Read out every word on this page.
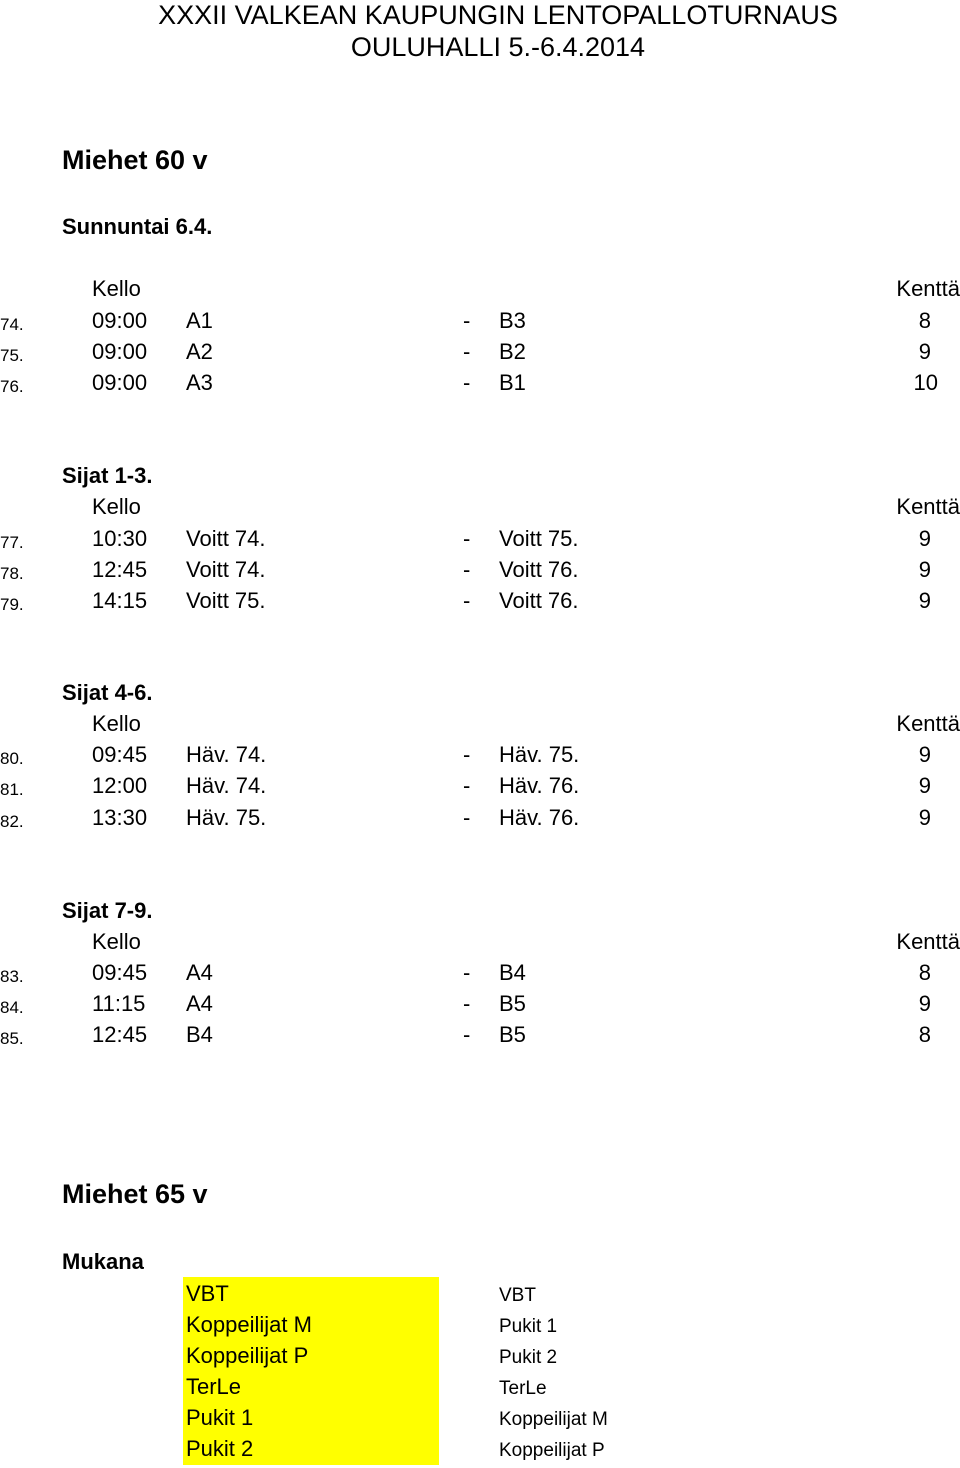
XXXII VALKEAN KAUPUNGIN LENTOPALLOTURNAUS
OULUHALLI 5.-6.4.2014
Miehet 60 v
Sunnuntai 6.4.
Kello	Kenttä
74.	09:00 A1	- B3	8
75.	09:00 A2	- B2	9
76.	09:00 A3	- B1	10
Sijat 1-3.
Kello	Kenttä
77.	10:30 Voitt 74.	- Voitt 75.	9
78.	12:45 Voitt 74.	- Voitt 76.	9
79.	14:15 Voitt 75.	- Voitt 76.	9
Sijat 4-6.
Kello	Kenttä
80.	09:45 Häv. 74.	- Häv. 75.	9
81.	12:00 Häv. 74.	- Häv. 76.	9
82.	13:30 Häv. 75.	- Häv. 76.	9
Sijat 7-9.
Kello	Kenttä
83.	09:45 A4	- B4	8
84.	11:15 A4	- B5	9
85.	12:45 B4	- B5	8
Miehet 65 v
Mukana
VBT
Koppeilijat M
Koppeilijat P
TerLe
Pukit 1
Pukit 2
VBT
Pukit 1
Pukit 2
TerLe
Koppeilijat M
Koppeilijat P
